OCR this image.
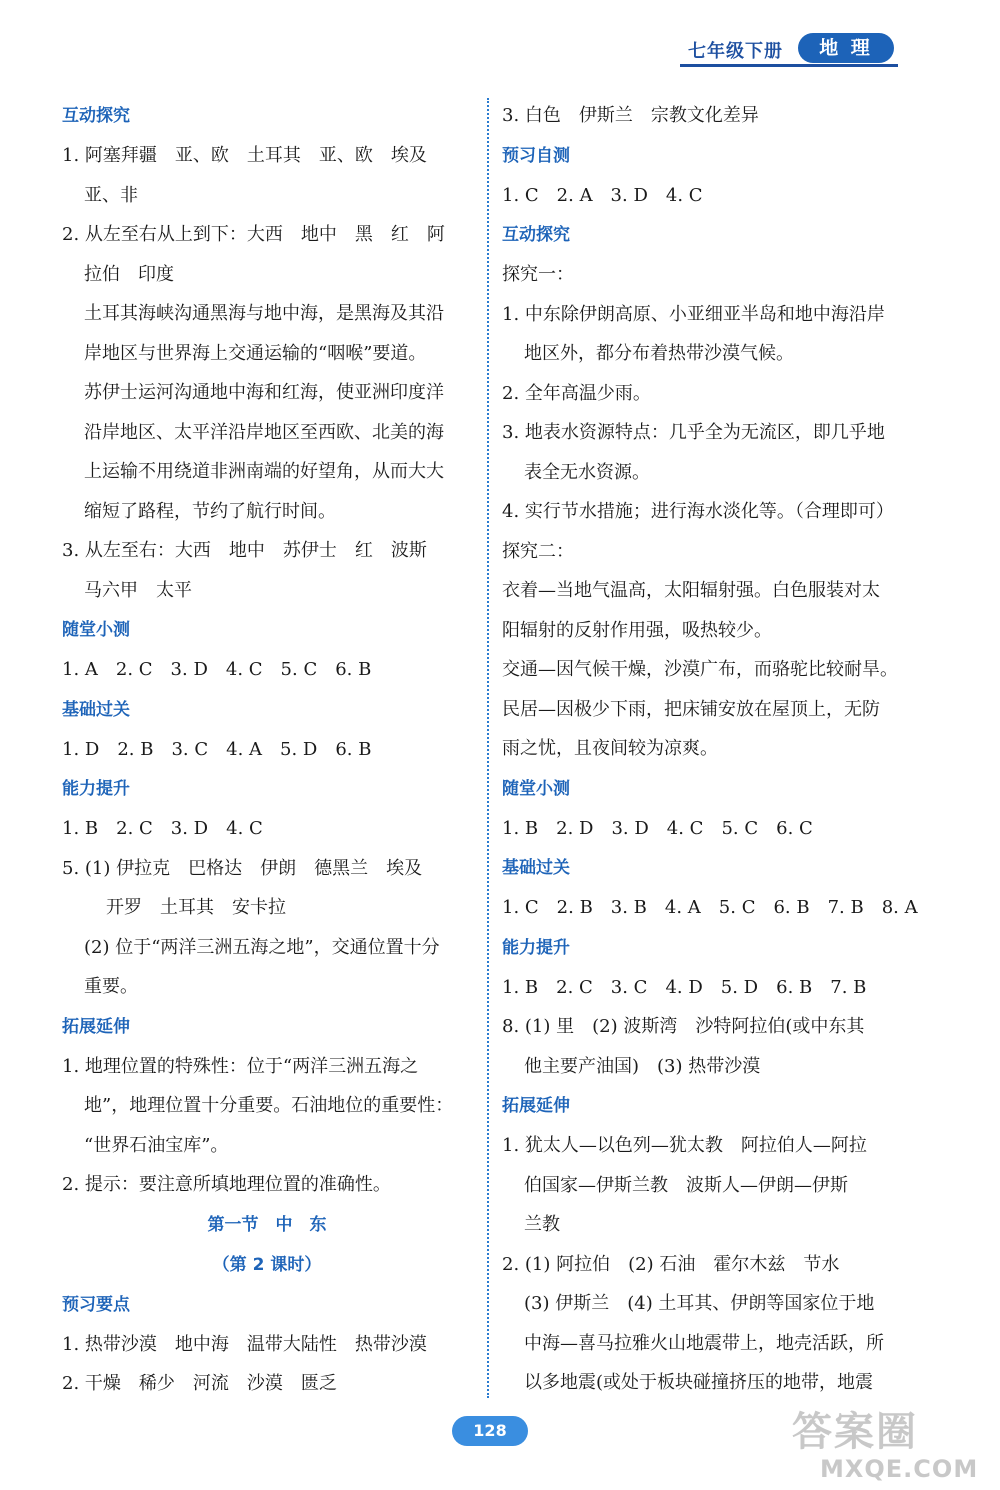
七年级下册	地 理
互动探究
1. 阿塞拜疆　亚、欧　土耳其　亚、欧　埃及
亚、非
2. 从左至右从上到下：大西　地中　黑　红　阿
拉伯　印度
土耳其海峡沟通黑海与地中海，是黑海及其沿
岸地区与世界海上交通运输的“咽喉”要道。
苏伊士运河沟通地中海和红海，使亚洲印度洋
沿岸地区、太平洋沿岸地区至西欧、北美的海
上运输不用绕道非洲南端的好望角，从而大大
缩短了路程，节约了航行时间。
3. 从左至右：大西　地中　苏伊士　红　波斯
马六甲　太平
随堂小测
1. A　2. C　3. D　4. C　5. C　6. B
基础过关
1. D　2. B　3. C　4. A　5. D　6. B
能力提升
1. B　2. C　3. D　4. C
5. (1) 伊拉克　巴格达　伊朗　德黑兰　埃及
开罗　土耳其　安卡拉
(2) 位于“两洋三洲五海之地”，交通位置十分
重要。
拓展延伸
1. 地理位置的特殊性：位于“两洋三洲五海之
地”，地理位置十分重要。石油地位的重要性：
“世界石油宝库”。
2. 提示：要注意所填地理位置的准确性。
第一节　中　东
（第 2 课时）
预习要点
1. 热带沙漠　地中海　温带大陆性　热带沙漠
2. 干燥　稀少　河流　沙漠　匮乏
3. 白色　伊斯兰　宗教文化差异
预习自测
1. C　2. A　3. D　4. C
互动探究
探究一：
1. 中东除伊朗高原、小亚细亚半岛和地中海沿岸
地区外，都分布着热带沙漠气候。
2. 全年高温少雨。
3. 地表水资源特点：几乎全为无流区，即几乎地
表全无水资源。
4. 实行节水措施；进行海水淡化等。（合理即可）
探究二：
衣着—当地气温高，太阳辐射强。白色服装对太
阳辐射的反射作用强，吸热较少。
交通—因气候干燥，沙漠广布，而骆驼比较耐旱。
民居—因极少下雨，把床铺安放在屋顶上，无防
雨之忧，且夜间较为凉爽。
随堂小测
1. B　2. D　3. D　4. C　5. C　6. C
基础过关
1. C　2. B　3. B　4. A　5. C　6. B　7. B　8. A
能力提升
1. B　2. C　3. C　4. D　5. D　6. B　7. B
8. (1) 里　(2) 波斯湾　沙特阿拉伯(或中东其
他主要产油国)　(3) 热带沙漠
拓展延伸
1. 犹太人—以色列—犹太教　阿拉伯人—阿拉
伯国家—伊斯兰教　波斯人—伊朗—伊斯
兰教
2. (1) 阿拉伯　(2) 石油　霍尔木兹　节水
(3) 伊斯兰　(4) 土耳其、伊朗等国家位于地
中海—喜马拉雅火山地震带上，地壳活跃，所
以多地震(或处于板块碰撞挤压的地带，地震
128	答案圈
MXQE.COM
